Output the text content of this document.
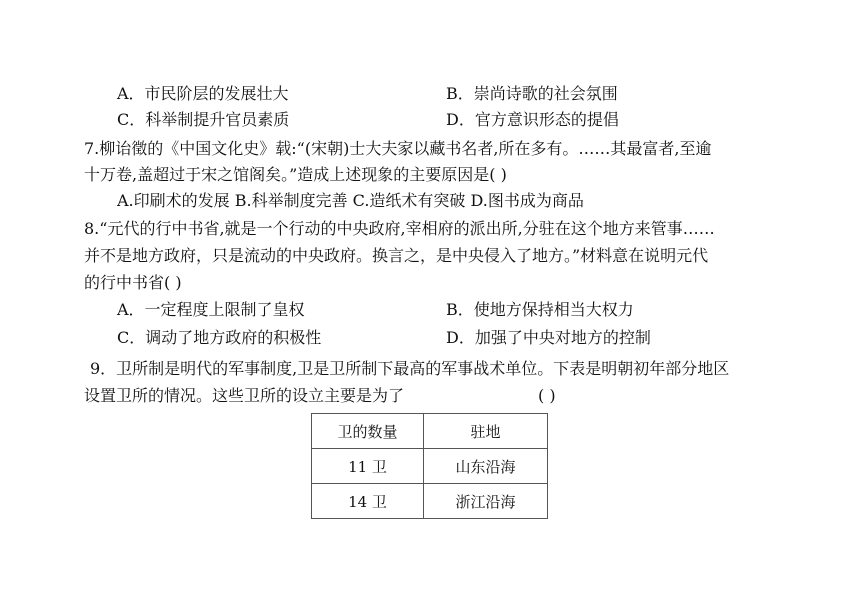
A．市民阶层的发展壮大	B．崇尚诗歌的社会氛围
C．科举制提升官员素质	D．官方意识形态的提倡
7.柳诒徵的《中国文化史》载:“(宋朝)士大夫家以藏书名者,所在多有。……其最富者,至逾
十万卷,盖超过于宋之馆阁矣。”造成上述现象的主要原因是( )
A.印刷术的发展 B.科举制度完善 C.造纸术有突破 D.图书成为商品
8.“元代的行中书省,就是一个行动的中央政府,宰相府的派出所,分驻在这个地方来管事……
并不是地方政府，只是流动的中央政府。换言之，是中央侵入了地方。”材料意在说明元代
的行中书省( )
A．一定程度上限制了皇权	B．使地方保持相当大权力
C．调动了地方政府的积极性	D．加强了中央对地方的控制
9．卫所制是明代的军事制度,卫是卫所制下最高的军事战术单位。下表是明朝初年部分地区
设置卫所的情况。这些卫所的设立主要是为了	( )
卫的数量	驻地
11 卫	山东沿海
14 卫	浙江沿海
